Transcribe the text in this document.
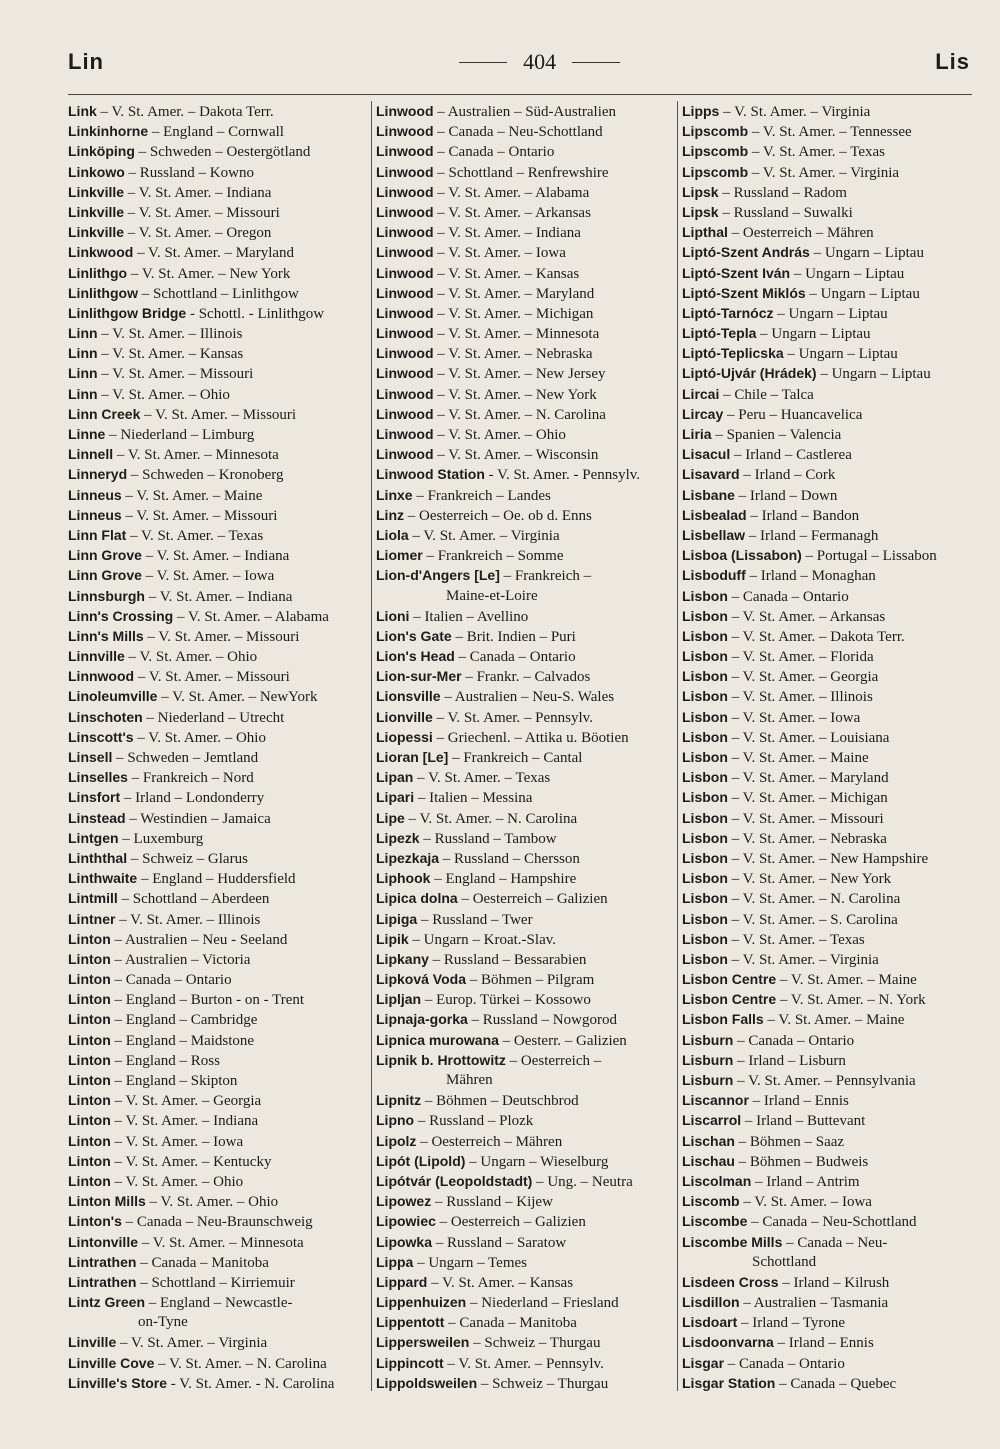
Lin	404	Lis
Link – V. St. Amer. – Dakota Terr.
Linkinhorne – England – Cornwall
Linköping – Schweden – Oestergötland
Linkowo – Russland – Kowno
Linkville – V. St. Amer. – Indiana
Linkville – V. St. Amer. – Missouri
Linkville – V. St. Amer. – Oregon
Linkwood – V. St. Amer. – Maryland
Linlithgo – V. St. Amer. – New York
Linlithgow – Schottland – Linlithgow
Linlithgow Bridge - Schottl. - Linlithgow
Linn – V. St. Amer. – Illinois
Linn – V. St. Amer. – Kansas
Linn – V. St. Amer. – Missouri
Linn – V. St. Amer. – Ohio
Linn Creek – V. St. Amer. – Missouri
Linne – Niederland – Limburg
Linnell – V. St. Amer. – Minnesota
Linneryd – Schweden – Kronoberg
Linneus – V. St. Amer. – Maine
Linneus – V. St. Amer. – Missouri
Linn Flat – V. St. Amer. – Texas
Linn Grove – V. St. Amer. – Indiana
Linn Grove – V. St. Amer. – Iowa
Linnsburgh – V. St. Amer. – Indiana
Linn's Crossing – V. St. Amer. – Alabama
Linn's Mills – V. St. Amer. – Missouri
Linnville – V. St. Amer. – Ohio
Linnwood – V. St. Amer. – Missouri
Linoleumville – V. St. Amer. – NewYork
Linschoten – Niederland – Utrecht
Linscott's – V. St. Amer. – Ohio
Linsell – Schweden – Jemtland
Linselles – Frankreich – Nord
Linsfort – Irland – Londonderry
Linstead – Westindien – Jamaica
Lintgen – Luxemburg
Linththal – Schweiz – Glarus
Linthwaite – England – Huddersfield
Lintmill – Schottland – Aberdeen
Lintner – V. St. Amer. – Illinois
Linton – Australien – Neu - Seeland
Linton – Australien – Victoria
Linton – Canada – Ontario
Linton – England – Burton - on - Trent
Linton – England – Cambridge
Linton – England – Maidstone
Linton – England – Ross
Linton – England – Skipton
Linton – V. St. Amer. – Georgia
Linton – V. St. Amer. – Indiana
Linton – V. St. Amer. – Iowa
Linton – V. St. Amer. – Kentucky
Linton – V. St. Amer. – Ohio
Linton Mills – V. St. Amer. – Ohio
Linton's – Canada – Neu-Braunschweig
Lintonville – V. St. Amer. – Minnesota
Lintrathen – Canada – Manitoba
Lintrathen – Schottland – Kirriemuir
Lintz Green – England – Newcastle-
on-Tyne
Linville – V. St. Amer. – Virginia
Linville Cove – V. St. Amer. – N. Carolina
Linville's Store - V. St. Amer. - N. Carolina
Linwood – Australien – Süd-Australien
Linwood – Canada – Neu-Schottland
Linwood – Canada – Ontario
Linwood – Schottland – Renfrewshire
Linwood – V. St. Amer. – Alabama
Linwood – V. St. Amer. – Arkansas
Linwood – V. St. Amer. – Indiana
Linwood – V. St. Amer. – Iowa
Linwood – V. St. Amer. – Kansas
Linwood – V. St. Amer. – Maryland
Linwood – V. St. Amer. – Michigan
Linwood – V. St. Amer. – Minnesota
Linwood – V. St. Amer. – Nebraska
Linwood – V. St. Amer. – New Jersey
Linwood – V. St. Amer. – New York
Linwood – V. St. Amer. – N. Carolina
Linwood – V. St. Amer. – Ohio
Linwood – V. St. Amer. – Wisconsin
Linwood Station - V. St. Amer. - Pennsylv.
Linxe – Frankreich – Landes
Linz – Oesterreich – Oe. ob d. Enns
Liola – V. St. Amer. – Virginia
Liomer – Frankreich – Somme
Lion-d'Angers [Le] – Frankreich –
Maine-et-Loire
Lioni – Italien – Avellino
Lion's Gate – Brit. Indien – Puri
Lion's Head – Canada – Ontario
Lion-sur-Mer – Frankr. – Calvados
Lionsville – Australien – Neu-S. Wales
Lionville – V. St. Amer. – Pennsylv.
Liopessi – Griechenl. – Attika u. Böotien
Lioran [Le] – Frankreich – Cantal
Lipan – V. St. Amer. – Texas
Lipari – Italien – Messina
Lipe – V. St. Amer. – N. Carolina
Lipezk – Russland – Tambow
Lipezkaja – Russland – Chersson
Liphook – England – Hampshire
Lipica dolna – Oesterreich – Galizien
Lipiga – Russland – Twer
Lipik – Ungarn – Kroat.-Slav.
Lipkany – Russland – Bessarabien
Lipková Voda – Böhmen – Pilgram
Lipljan – Europ. Türkei – Kossowo
Lipnaja-gorka – Russland – Nowgorod
Lipnica murowana – Oesterr. – Galizien
Lipnik b. Hrottowitz – Oesterreich –
Mähren
Lipnitz – Böhmen – Deutschbrod
Lipno – Russland – Plozk
Lipolz – Oesterreich – Mähren
Lipót (Lipold) – Ungarn – Wieselburg
Lipótvár (Leopoldstadt) – Ung. – Neutra
Lipowez – Russland – Kijew
Lipowiec – Oesterreich – Galizien
Lipowka – Russland – Saratow
Lippa – Ungarn – Temes
Lippard – V. St. Amer. – Kansas
Lippenhuizen – Niederland – Friesland
Lippentott – Canada – Manitoba
Lippersweilen – Schweiz – Thurgau
Lippincott – V. St. Amer. – Pennsylv.
Lippoldsweilen – Schweiz – Thurgau
Lipps – V. St. Amer. – Virginia
Lipscomb – V. St. Amer. – Tennessee
Lipscomb – V. St. Amer. – Texas
Lipscomb – V. St. Amer. – Virginia
Lipsk – Russland – Radom
Lipsk – Russland – Suwalki
Lipthal – Oesterreich – Mähren
Liptó-Szent András – Ungarn – Liptau
Liptó-Szent Iván – Ungarn – Liptau
Liptó-Szent Miklós – Ungarn – Liptau
Liptó-Tarnócz – Ungarn – Liptau
Liptó-Tepla – Ungarn – Liptau
Liptó-Teplicska – Ungarn – Liptau
Liptó-Ujvár (Hrádek) – Ungarn – Liptau
Lircai – Chile – Talca
Lircay – Peru – Huancavelica
Liria – Spanien – Valencia
Lisacul – Irland – Castlerea
Lisavard – Irland – Cork
Lisbane – Irland – Down
Lisbealad – Irland – Bandon
Lisbellaw – Irland – Fermanagh
Lisboa (Lissabon) – Portugal – Lissabon
Lisboduff – Irland – Monaghan
Lisbon – Canada – Ontario
Lisbon – V. St. Amer. – Arkansas
Lisbon – V. St. Amer. – Dakota Terr.
Lisbon – V. St. Amer. – Florida
Lisbon – V. St. Amer. – Georgia
Lisbon – V. St. Amer. – Illinois
Lisbon – V. St. Amer. – Iowa
Lisbon – V. St. Amer. – Louisiana
Lisbon – V. St. Amer. – Maine
Lisbon – V. St. Amer. – Maryland
Lisbon – V. St. Amer. – Michigan
Lisbon – V. St. Amer. – Missouri
Lisbon – V. St. Amer. – Nebraska
Lisbon – V. St. Amer. – New Hampshire
Lisbon – V. St. Amer. – New York
Lisbon – V. St. Amer. – N. Carolina
Lisbon – V. St. Amer. – S. Carolina
Lisbon – V. St. Amer. – Texas
Lisbon – V. St. Amer. – Virginia
Lisbon Centre – V. St. Amer. – Maine
Lisbon Centre – V. St. Amer. – N. York
Lisbon Falls – V. St. Amer. – Maine
Lisburn – Canada – Ontario
Lisburn – Irland – Lisburn
Lisburn – V. St. Amer. – Pennsylvania
Liscannor – Irland – Ennis
Liscarrol – Irland – Buttevant
Lischan – Böhmen – Saaz
Lischau – Böhmen – Budweis
Liscolman – Irland – Antrim
Liscomb – V. St. Amer. – Iowa
Liscombe – Canada – Neu-Schottland
Liscombe Mills – Canada – Neu-
Schottland
Lisdeen Cross – Irland – Kilrush
Lisdillon – Australien – Tasmania
Lisdoart – Irland – Tyrone
Lisdoonvarna – Irland – Ennis
Lisgar – Canada – Ontario
Lisgar Station – Canada – Quebec
